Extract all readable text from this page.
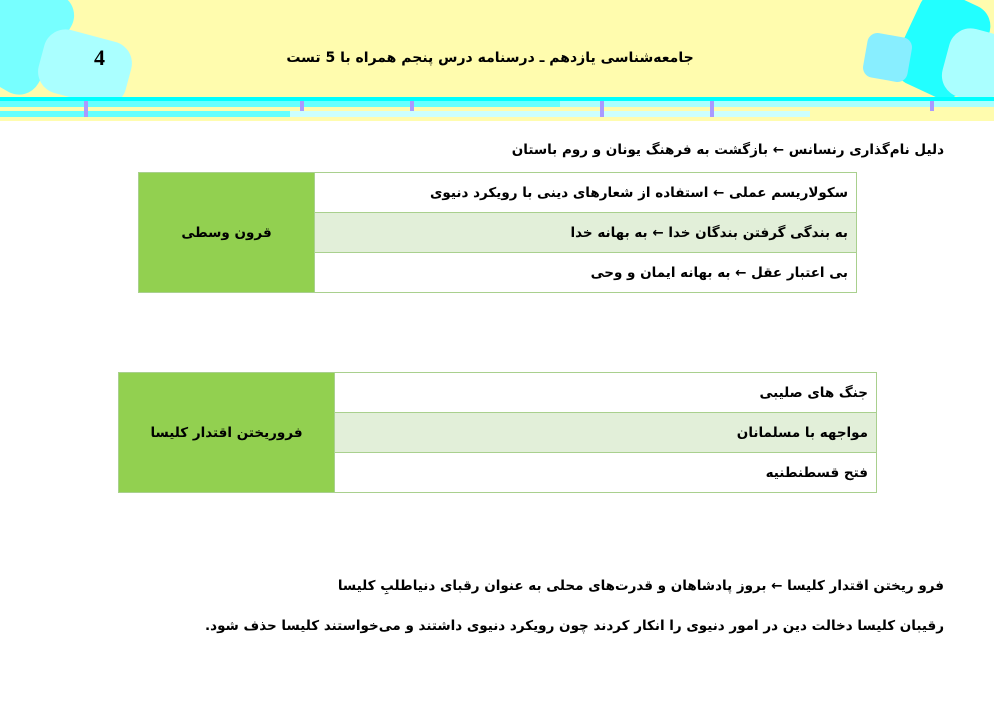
4	جامعه‌شناسی یازدهم ـ درسنامه درس پنجم همراه با 5 تست
دلیل نام‌گذاری رنسانس ← بازگشت به فرهنگ یونان و روم باستان
سکولاریسم عملی ← استفاده از شعارهای دینی با رویکرد دنیوی	قرون وسطی
به بندگی گرفتن بندگان خدا ← به بهانه خدا
بی اعتبار عقل ← به بهانه ایمان و وحی
جنگ های صلیبی	فروریختن اقتدار کلیسا
مواجهه با مسلمانان
فتح قسطنطنیه
فرو ریختن اقتدار کلیسا ← بروز پادشاهان و قدرت‌های محلی به عنوان رقبای دنیاطلبِ کلیسا
رقیبان کلیسا دخالت دین در امور دنیوی را انکار کردند چون رویکرد دنیوی داشتند و می‌خواستند کلیسا حذف شود.
